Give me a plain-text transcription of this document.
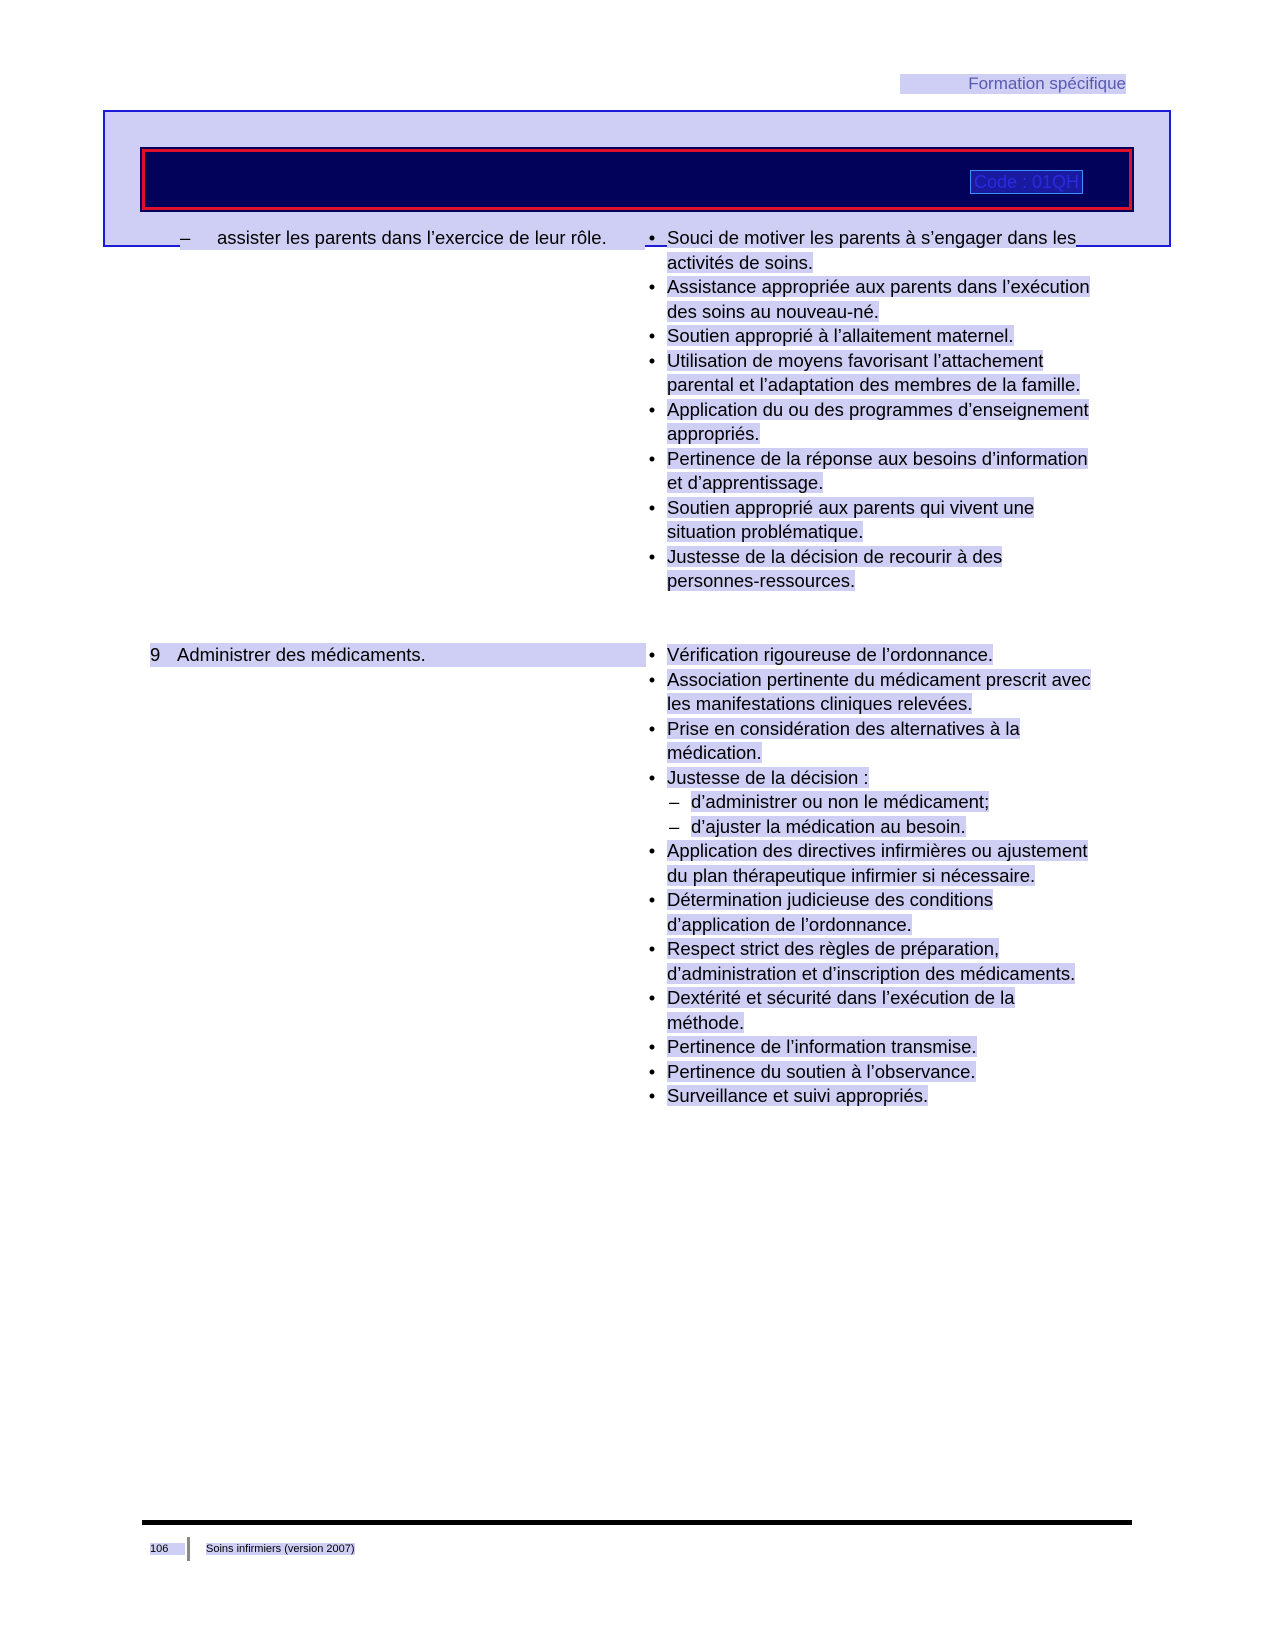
Formation spécifique
Code : 01QH
–	assister les parents dans l’exercice de leur rôle.	• Souci de motiver les parents à s’engager dans les activités de soins.
• Assistance appropriée aux parents dans l’exécution des soins au nouveau-né.
• Soutien approprié à l’allaitement maternel.
• Utilisation de moyens favorisant l’attachement parental et l’adaptation des membres de la famille.
• Application du ou des programmes d’enseignement appropriés.
• Pertinence de la réponse aux besoins d’information et d’apprentissage.
• Soutien approprié aux parents qui vivent une situation problématique.
• Justesse de la décision de recourir à des personnes-ressources.
9 Administrer des médicaments.	• Vérification rigoureuse de l’ordonnance.
• Association pertinente du médicament prescrit avec les manifestations cliniques relevées.
• Prise en considération des alternatives à la médication.
• Justesse de la décision :
– d’administrer ou non le médicament;
– d’ajuster la médication au besoin.
• Application des directives infirmières ou ajustement du plan thérapeutique infirmier si nécessaire.
• Détermination judicieuse des conditions d’application de l’ordonnance.
• Respect strict des règles de préparation, d’administration et d’inscription des médicaments.
• Dextérité et sécurité dans l’exécution de la méthode.
• Pertinence de l’information transmise.
• Pertinence du soutien à l’observance.
• Surveillance et suivi appropriés.
106	Soins infirmiers (version 2007)
